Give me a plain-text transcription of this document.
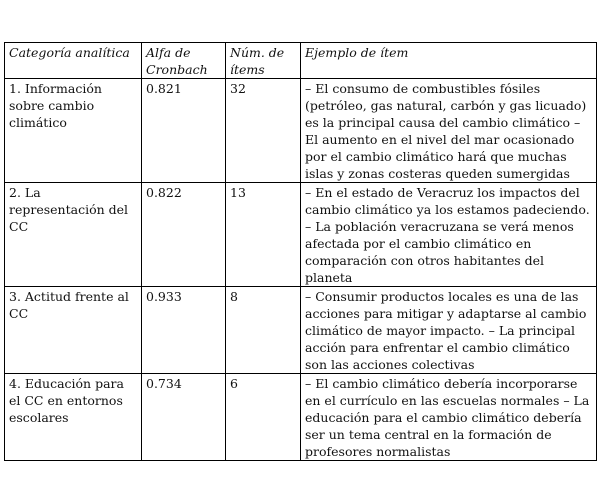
Categoría analítica	Alfa de Cronbach	Núm. de ítems	Ejemplo de ítem
1. Información sobre cambio climático	0.821	32	– El consumo de combustibles fósiles (petróleo, gas natural, carbón y gas licuado) es la principal causa del cambio climático – El aumento en el nivel del mar ocasionado por el cambio climático hará que muchas islas y zonas costeras queden sumergidas
2. La representación del CC	0.822	13	– En el estado de Veracruz los impactos del cambio climático ya los estamos padeciendo. – La población veracruzana se verá menos afectada por el cambio climático en comparación con otros habitantes del planeta
3. Actitud frente al CC	0.933	8	– Consumir productos locales es una de las acciones para mitigar y adaptarse al cambio climático de mayor impacto. – La principal acción para enfrentar el cambio climático son las acciones colectivas
4. Educación para el CC en entornos escolares	0.734	6	– El cambio climático debería incorporarse en el currículo en las escuelas normales – La educación para el cambio climático debería ser un tema central en la formación de profesores normalistas
